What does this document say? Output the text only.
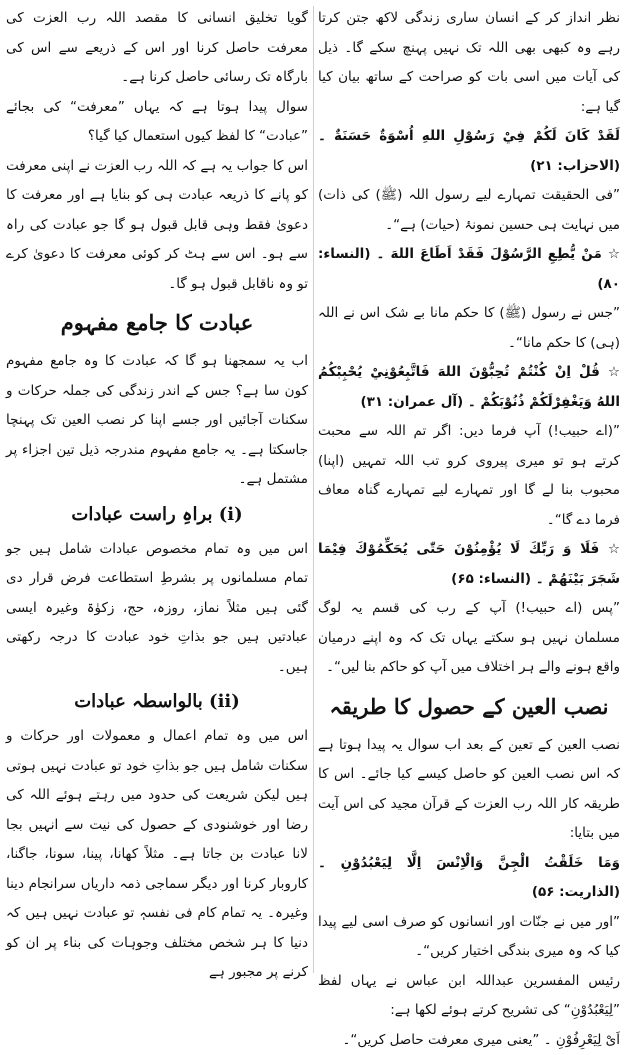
نظر انداز کر کے انسان ساری زندگی لاکھ جتن کرتا رہے وہ کبھی بھی اللہ تک نہیں پہنچ سکے گا۔ ذیل کی آیات میں اسی بات کو صراحت کے ساتھ بیان کیا گیا ہے:

لَقَدْ كَانَ لَكُمْ فِيْ رَسُوْلِ اللهِ اُسْوَةٌ حَسَنَةٌ ۔ (الاحزاب: ۲۱)

”فی الحقیقت تمہارے لیے رسول اللہ (ﷺ) کی ذات) میں نہایت ہی حسین نمونۂ (حیات) ہے“۔

☆ مَنْ يُّطِعِ الرَّسُوْلَ فَقَدْ اَطَاعَ اللهَ ۔ (النساء: ۸۰)

”جس نے رسول (ﷺ) کا حکم مانا بے شک اس نے اللہ (ہی) کا حکم مانا“۔

☆ قُلْ اِنْ كُنْتُمْ تُحِبُّوْنَ اللهَ فَاتَّبِعُوْنِيْ يُحْبِبْكُمُ اللهُ وَيَغْفِرْلَكُمْ ذُنُوْبَكُمْ ۔ (آل عمران: ۳۱)

”(اے حبیب!) آپ فرما دیں: اگر تم اللہ سے محبت کرتے ہو تو میری پیروی کرو تب اللہ تمہیں (اپنا) محبوب بنا لے گا اور تمہارے لیے تمہارے گناہ معاف فرما دے گا“۔

☆ فَلَا وَ رَبِّكَ لَا يُؤْمِنُوْنَ حَتّٰى يُحَكِّمُوْكَ فِيْمَا شَجَرَ بَيْنَهُمْ ۔ (النساء: ۶۵)

”پس (اے حبیب!) آپ کے رب کی قسم یہ لوگ مسلمان نہیں ہو سکتے یہاں تک کہ وہ اپنے درمیان واقع ہونے والے ہر اختلاف میں آپ کو حاکم بنا لیں“۔

نصب العین کے حصول کا طریقہ

نصب العین کے تعین کے بعد اب سوال یہ پیدا ہوتا ہے کہ اس نصب العین کو حاصل کیسے کیا جائے۔ اس کا طریقہ کار اللہ رب العزت کے قرآن مجید کی اس آیت میں بتایا:

وَمَا خَلَقْتُ الْجِنَّ وَالْاِنْسَ اِلَّا لِيَعْبُدُوْنِ ۔ (الذاریت: ۵۶)

”اور میں نے جنّات اور انسانوں کو صرف اسی لیے پیدا کیا کہ وہ میری بندگی اختیار کریں“۔

رئیس المفسرین عبداللہ ابن عباس نے یہاں لفظ ”لِيَعْبُدُوْنِ“ کی تشریح کرتے ہوئے لکھا ہے:

اَیْ لِيَعْرِفُوْنِ ۔ ”یعنی میری معرفت حاصل کریں“۔

گویا تخلیق انسانی کا مقصد اللہ رب العزت کی معرفت حاصل کرنا اور اس کے ذریعے سے اس کی بارگاہ تک رسائی حاصل کرنا ہے۔

سوال پیدا ہوتا ہے کہ یہاں ”معرفت“ کی بجائے ”عبادت“ کا لفظ کیوں استعمال کیا گیا؟

اس کا جواب یہ ہے کہ اللہ رب العزت نے اپنی معرفت کو پانے کا ذریعہ عبادت ہی کو بنایا ہے اور معرفت کا دعویٰ فقط وہی قابل قبول ہو گا جو عبادت کی راہ سے ہو۔ اس سے ہٹ کر کوئی معرفت کا دعویٰ کرے تو وہ ناقابل قبول ہو گا۔

عبادت کا جامع مفہوم

اب یہ سمجھنا ہو گا کہ عبادت کا وہ جامع مفہوم کون سا ہے؟ جس کے اندر زندگی کی جملہ حرکات و سکنات آجائیں اور جسے اپنا کر نصب العین تک پہنچا جاسکتا ہے۔ یہ جامع مفہوم مندرجہ ذیل تین اجزاء پر مشتمل ہے۔

(i) براہِ راست عبادات

اس میں وہ تمام مخصوص عبادات شامل ہیں جو تمام مسلمانوں پر بشرطِ استطاعت فرض قرار دی گئی ہیں مثلاً نماز، روزہ، حج، زکوٰۃ وغیرہ ایسی عبادتیں ہیں جو بذاتِ خود عبادت کا درجہ رکھتی ہیں۔

(ii) بالواسطہ عبادات

اس میں وہ تمام اعمال و معمولات اور حرکات و سکنات شامل ہیں جو بذاتِ خود تو عبادت نہیں ہوتی ہیں لیکن شریعت کی حدود میں رہتے ہوئے اللہ کی رضا اور خوشنودی کے حصول کی نیت سے انہیں بجا لانا عبادت بن جاتا ہے۔ مثلاً کھانا، پینا، سونا، جاگنا، کاروبار کرنا اور دیگر سماجی ذمہ داریاں سرانجام دینا وغیرہ۔ یہ تمام کام فی نفسہٖ تو عبادت نہیں ہیں کہ دنیا کا ہر شخص مختلف وجوہات کی بناء پر ان کو کرنے پر مجبور ہے
